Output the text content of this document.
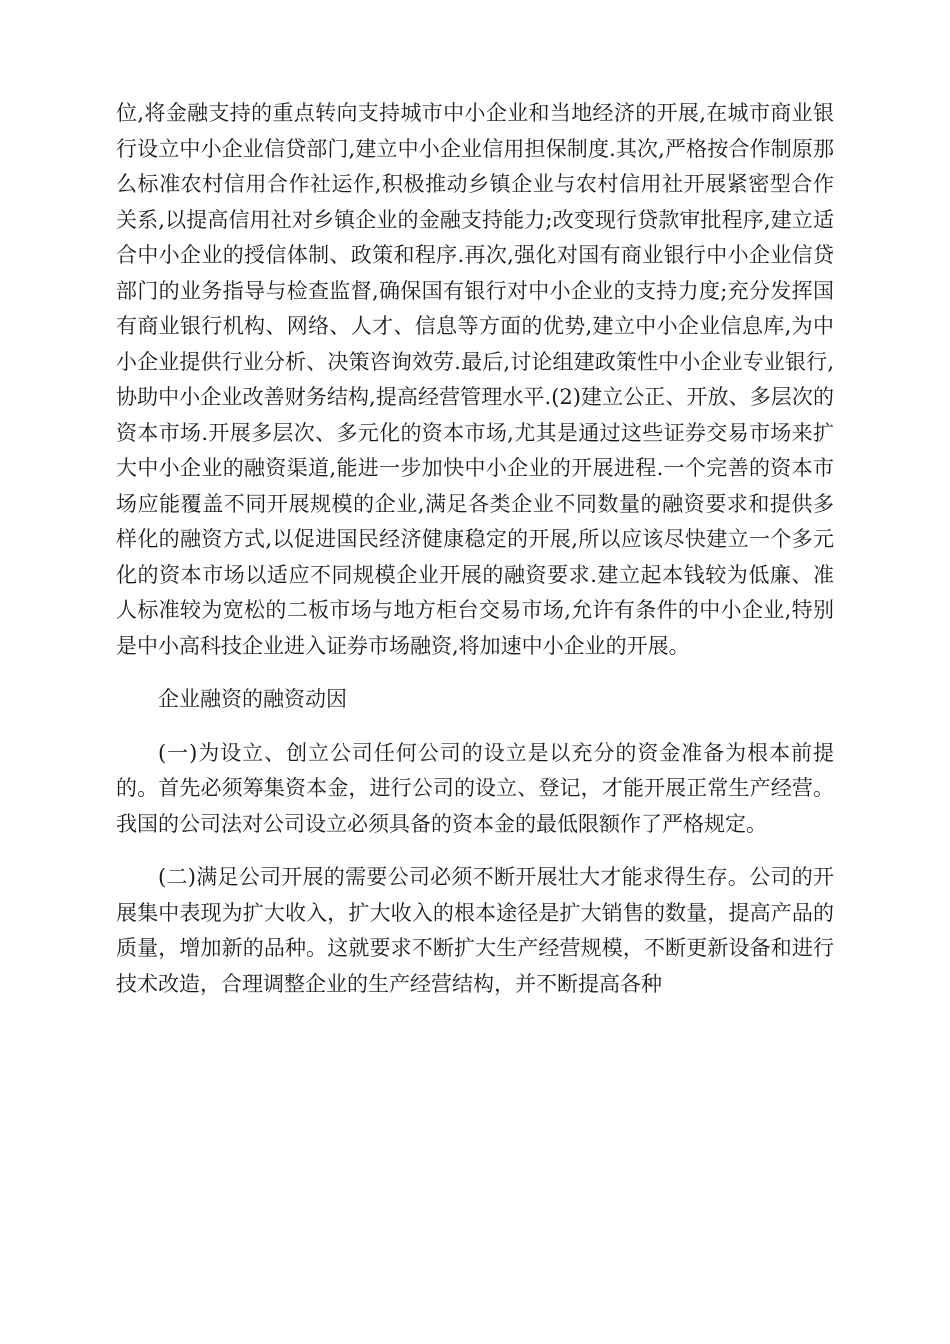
位,将金融支持的重点转向支持城市中小企业和当地经济的开展,在城市商业银行设立中小企业信贷部门,建立中小企业信用担保制度.其次,严格按合作制原那么标准农村信用合作社运作,积极推动乡镇企业与农村信用社开展紧密型合作关系,以提高信用社对乡镇企业的金融支持能力;改变现行贷款审批程序,建立适合中小企业的授信体制、政策和程序.再次,强化对国有商业银行中小企业信贷部门的业务指导与检查监督,确保国有银行对中小企业的支持力度;充分发挥国有商业银行机构、网络、人才、信息等方面的优势,建立中小企业信息库,为中小企业提供行业分析、决策咨询效劳.最后,讨论组建政策性中小企业专业银行,协助中小企业改善财务结构,提高经营管理水平.(2)建立公正、开放、多层次的资本市场.开展多层次、多元化的资本市场,尤其是通过这些证券交易市场来扩大中小企业的融资渠道,能进一步加快中小企业的开展进程.一个完善的资本市场应能覆盖不同开展规模的企业,满足各类企业不同数量的融资要求和提供多样化的融资方式,以促进国民经济健康稳定的开展,所以应该尽快建立一个多元化的资本市场以适应不同规模企业开展的融资要求.建立起本钱较为低廉、准人标准较为宽松的二板市场与地方柜台交易市场,允许有条件的中小企业,特别是中小高科技企业进入证券市场融资,将加速中小企业的开展。

企业融资的融资动因

(一)为设立、创立公司任何公司的设立是以充分的资金准备为根本前提的。首先必须筹集资本金，进行公司的设立、登记，才能开展正常生产经营。我国的公司法对公司设立必须具备的资本金的最低限额作了严格规定。

(二)满足公司开展的需要公司必须不断开展壮大才能求得生存。公司的开展集中表现为扩大收入，扩大收入的根本途径是扩大销售的数量，提高产品的质量，增加新的品种。这就要求不断扩大生产经营规模，不断更新设备和进行技术改造，合理调整企业的生产经营结构，并不断提高各种
